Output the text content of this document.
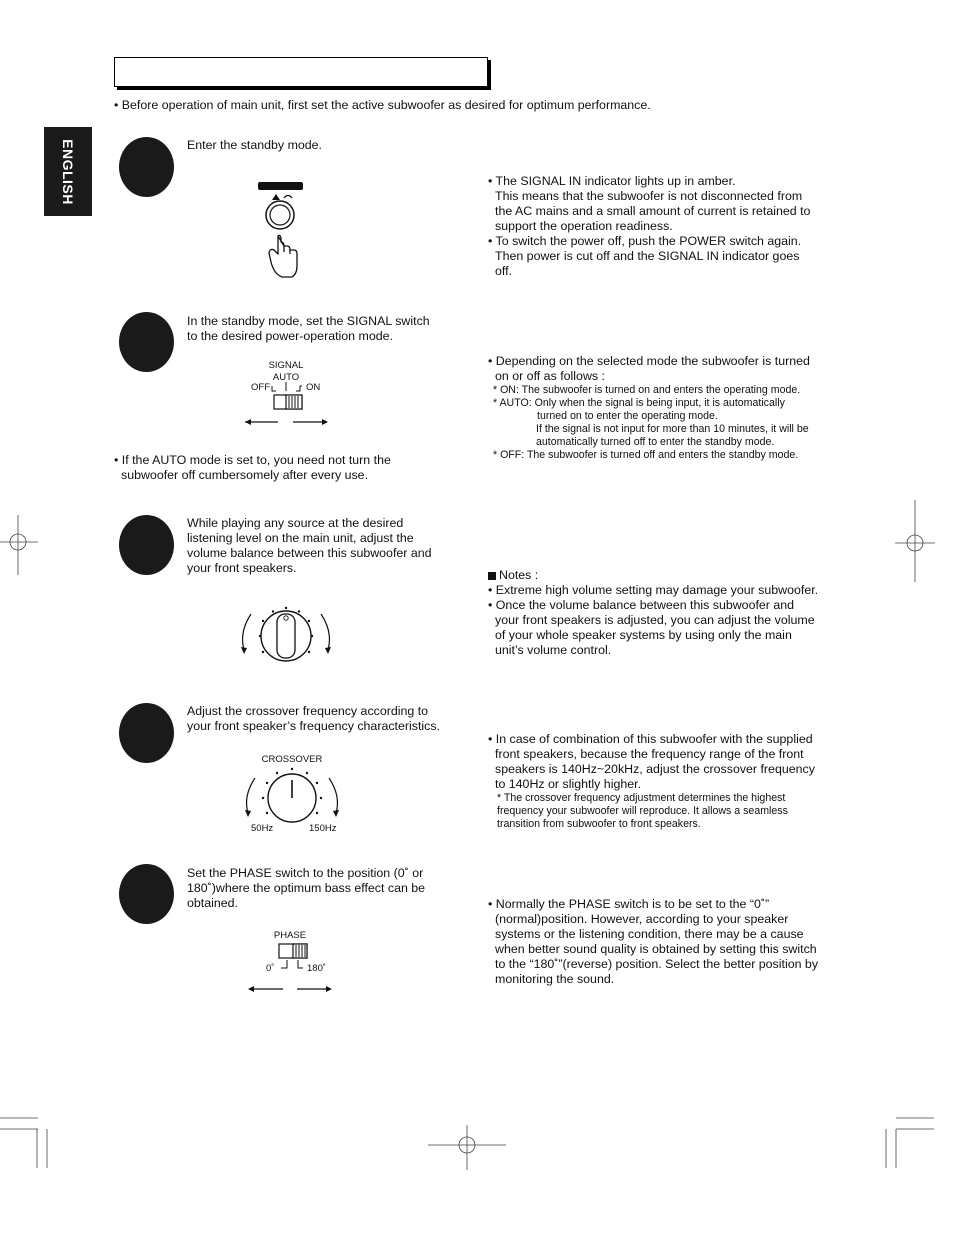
• Before operation of main unit, first set the active subwoofer as desired for optimum performance.
ENGLISH	Enter the standby mode.
• The SIGNAL IN indicator lights up in amber.
This means that the subwoofer is not disconnected from
the AC mains and a small amount of current is retained to
support the operation readiness.
• To switch the power off, push the POWER switch again.
Then power is cut off and the SIGNAL IN indicator goes
off.
In the standby mode, set the SIGNAL switch
to the desired power-operation mode.
SIGNAL
AUTO
OFF	ON
• If the AUTO mode is set to, you need not turn the
subwoofer off cumbersomely after every use.
• Depending on the selected mode the subwoofer is turned
on or off as follows :
* ON: The subwoofer is turned on and enters the operating mode.
* AUTO: Only when the signal is being input, it is automatically
turned on to enter the operating mode.
If the signal is not input for more than 10 minutes, it will be
automatically turned off to enter the standby mode.
* OFF: The subwoofer is turned off and enters the standby mode.
While playing any source at the desired
listening level on the main unit, adjust the
volume balance between this subwoofer and
your front speakers.	Notes :
• Extreme high volume setting may damage your subwoofer.
• Once the volume balance between this subwoofer and
your front speakers is adjusted, you can adjust the volume
of your whole speaker systems by using only the main
unit’s volume control.
Adjust the crossover frequency according to
your front speaker’s frequency characteristics.
CROSSOVER
50Hz	150Hz
• In case of combination of this subwoofer with the supplied
front speakers, because the frequency range of the front
speakers is 140Hz~20kHz, adjust the crossover frequency
to 140Hz or slightly higher.
* The crossover frequency adjustment determines the highest
frequency your subwoofer will reproduce. It allows a seamless
transition from subwoofer to front speakers.
Set the PHASE switch to the position (0˚ or
180˚)where the optimum bass effect can be
obtained.
PHASE
0˚	180˚
• Normally the PHASE switch is to be set to the “0˚”
(normal)position. However, according to your speaker
systems or the listening condition, there may be a cause
when better sound quality is obtained by setting this switch
to the “180˚”(reverse) position. Select the better position by
monitoring the sound.
